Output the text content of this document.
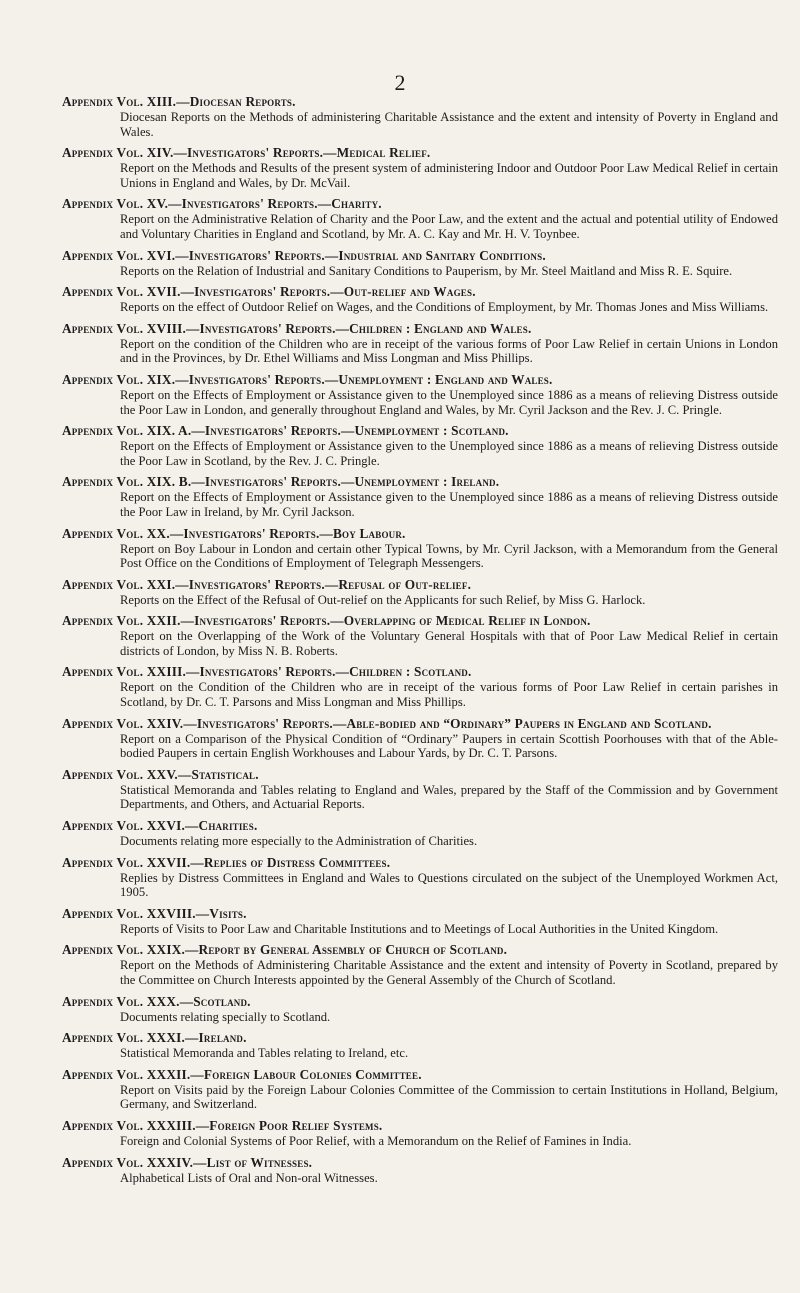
2
Appendix Vol. XIII.—Diocesan Reports.
Diocesan Reports on the Methods of administering Charitable Assistance and the extent and intensity of Poverty in England and Wales.
Appendix Vol. XIV.—Investigators' Reports.—Medical Relief.
Report on the Methods and Results of the present system of administering Indoor and Outdoor Poor Law Medical Relief in certain Unions in England and Wales, by Dr. McVail.
Appendix Vol. XV.—Investigators' Reports.—Charity.
Report on the Administrative Relation of Charity and the Poor Law, and the extent and the actual and potential utility of Endowed and Voluntary Charities in England and Scotland, by Mr. A. C. Kay and Mr. H. V. Toynbee.
Appendix Vol. XVI.—Investigators' Reports.—Industrial and Sanitary Conditions.
Reports on the Relation of Industrial and Sanitary Conditions to Pauperism, by Mr. Steel Maitland and Miss R. E. Squire.
Appendix Vol. XVII.—Investigators' Reports.—Out-relief and Wages.
Reports on the effect of Outdoor Relief on Wages, and the Conditions of Employment, by Mr. Thomas Jones and Miss Williams.
Appendix Vol. XVIII.—Investigators' Reports.—Children : England and Wales.
Report on the condition of the Children who are in receipt of the various forms of Poor Law Relief in certain Unions in London and in the Provinces, by Dr. Ethel Williams and Miss Longman and Miss Phillips.
Appendix Vol. XIX.—Investigators' Reports.—Unemployment : England and Wales.
Report on the Effects of Employment or Assistance given to the Unemployed since 1886 as a means of relieving Distress outside the Poor Law in London, and generally throughout England and Wales, by Mr. Cyril Jackson and the Rev. J. C. Pringle.
Appendix Vol. XIX. A.—Investigators' Reports.—Unemployment : Scotland.
Report on the Effects of Employment or Assistance given to the Unemployed since 1886 as a means of relieving Distress outside the Poor Law in Scotland, by the Rev. J. C. Pringle.
Appendix Vol. XIX. B.—Investigators' Reports.—Unemployment : Ireland.
Report on the Effects of Employment or Assistance given to the Unemployed since 1886 as a means of relieving Distress outside the Poor Law in Ireland, by Mr. Cyril Jackson.
Appendix Vol. XX.—Investigators' Reports.—Boy Labour.
Report on Boy Labour in London and certain other Typical Towns, by Mr. Cyril Jackson, with a Memorandum from the General Post Office on the Conditions of Employment of Telegraph Messengers.
Appendix Vol. XXI.—Investigators' Reports.—Refusal of Out-relief.
Reports on the Effect of the Refusal of Out-relief on the Applicants for such Relief, by Miss G. Harlock.
Appendix Vol. XXII.—Investigators' Reports.—Overlapping of Medical Relief in London.
Report on the Overlapping of the Work of the Voluntary General Hospitals with that of Poor Law Medical Relief in certain districts of London, by Miss N. B. Roberts.
Appendix Vol. XXIII.—Investigators' Reports.—Children : Scotland.
Report on the Condition of the Children who are in receipt of the various forms of Poor Law Relief in certain parishes in Scotland, by Dr. C. T. Parsons and Miss Longman and Miss Phillips.
Appendix Vol. XXIV.—Investigators' Reports.—Able-bodied and “Ordinary” Paupers in England and Scotland.
Report on a Comparison of the Physical Condition of “Ordinary” Paupers in certain Scottish Poorhouses with that of the Able-bodied Paupers in certain English Workhouses and Labour Yards, by Dr. C. T. Parsons.
Appendix Vol. XXV.—Statistical.
Statistical Memoranda and Tables relating to England and Wales, prepared by the Staff of the Commission and by Government Departments, and Others, and Actuarial Reports.
Appendix Vol. XXVI.—Charities.
Documents relating more especially to the Administration of Charities.
Appendix Vol. XXVII.—Replies of Distress Committees.
Replies by Distress Committees in England and Wales to Questions circulated on the subject of the Unemployed Workmen Act, 1905.
Appendix Vol. XXVIII.—Visits.
Reports of Visits to Poor Law and Charitable Institutions and to Meetings of Local Authorities in the United Kingdom.
Appendix Vol. XXIX.—Report by General Assembly of Church of Scotland.
Report on the Methods of Administering Charitable Assistance and the extent and intensity of Poverty in Scotland, prepared by the Committee on Church Interests appointed by the General Assembly of the Church of Scotland.
Appendix Vol. XXX.—Scotland.
Documents relating specially to Scotland.
Appendix Vol. XXXI.—Ireland.
Statistical Memoranda and Tables relating to Ireland, etc.
Appendix Vol. XXXII.—Foreign Labour Colonies Committee.
Report on Visits paid by the Foreign Labour Colonies Committee of the Commission to certain Institutions in Holland, Belgium, Germany, and Switzerland.
Appendix Vol. XXXIII.—Foreign Poor Relief Systems.
Foreign and Colonial Systems of Poor Relief, with a Memorandum on the Relief of Famines in India.
Appendix Vol. XXXIV.—List of Witnesses.
Alphabetical Lists of Oral and Non-oral Witnesses.
